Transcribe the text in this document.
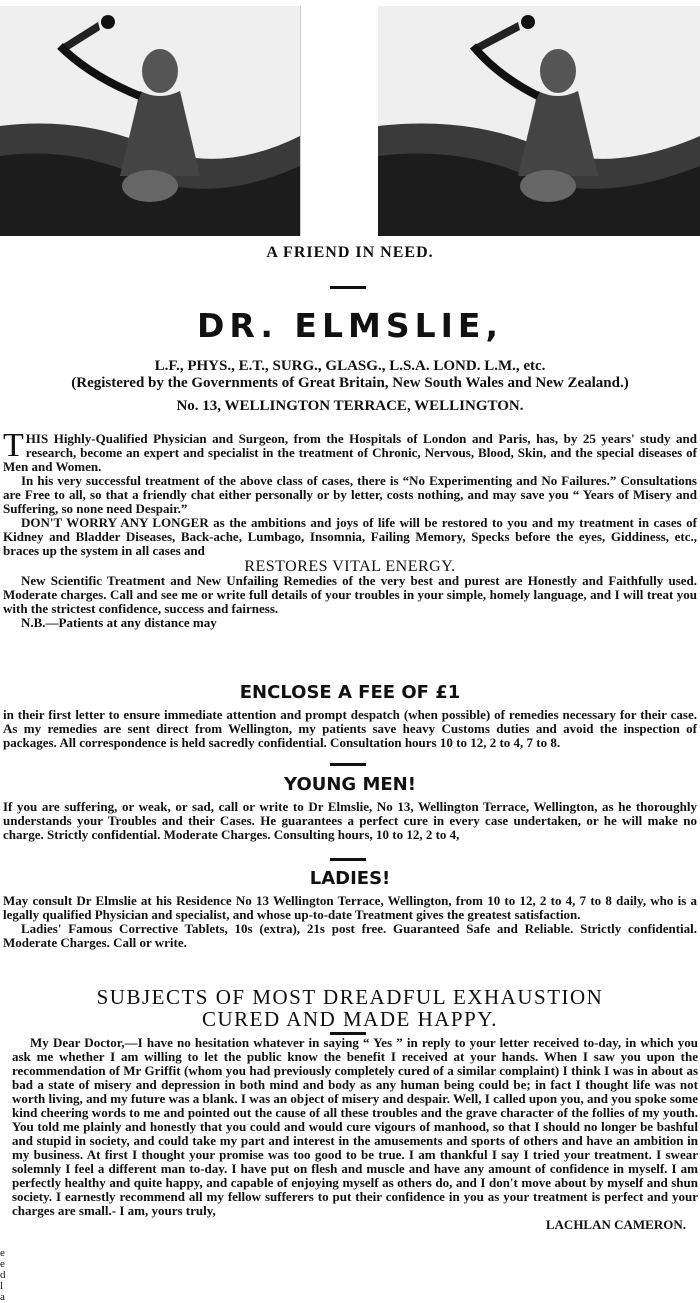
A FRIEND IN NEED.
DR. ELMSLIE,
L.F., PHYS., E.T., SURG., GLASG., L.S.A. LOND. L.M., etc.
(Registered by the Governments of Great Britain, New South Wales and New Zealand.)
No. 13, WELLINGTON TERRACE, WELLINGTON.

THIS Highly-Qualified Physician and Surgeon, from the Hospitals of London and Paris, has, by 25 years' study and research, become an expert and specialist in the treatment of Chronic, Nervous, Blood, Skin, and the special diseases of Men and Women.

In his very successful treatment of the above class of cases, there is “No Experimenting and No Failures.” Consultations are Free to all, so that a friendly chat either personally or by letter, costs nothing, and may save you “ Years of Misery and Suffering, so none need Despair.”

DON'T WORRY ANY LONGER as the ambitions and joys of life will be restored to you and my treatment in cases of Kidney and Bladder Diseases, Back-ache, Lumbago, Insomnia, Failing Memory, Specks before the eyes, Giddiness, etc., braces up the system in all cases and

RESTORES VITAL ENERGY.

New Scientific Treatment and New Unfailing Remedies of the very best and purest are Honestly and Faithfully used. Moderate charges. Call and see me or write full details of your troubles in your simple, homely language, and I will treat you with the strictest confidence, success and fairness.

N.B.—Patients at any distance may

ENCLOSE A FEE OF £1

in their first letter to ensure immediate attention and prompt despatch (when possible) of remedies necessary for their case. As my remedies are sent direct from Wellington, my patients save heavy Customs duties and avoid the inspection of packages. All correspondence is held sacredly confidential. Consultation hours 10 to 12, 2 to 4, 7 to 8.

YOUNG MEN!

If you are suffering, or weak, or sad, call or write to Dr Elmslie, No 13, Wellington Terrace, Wellington, as he thoroughly understands your Troubles and their Cases. He guarantees a perfect cure in every case undertaken, or he will make no charge. Strictly confidential. Moderate Charges. Consulting hours, 10 to 12, 2 to 4,

LADIES!

May consult Dr Elmslie at his Residence No 13 Wellington Terrace, Wellington, from 10 to 12, 2 to 4, 7 to 8 daily, who is a legally qualified Physician and specialist, and whose up-to-date Treatment gives the greatest satisfaction.

Ladies' Famous Corrective Tablets, 10s (extra), 21s post free. Guaranteed Safe and Reliable. Strictly confidential. Moderate Charges. Call or write.

SUBJECTS OF MOST DREADFUL EXHAUSTION
CURED AND MADE HAPPY.

My Dear Doctor,—I have no hesitation whatever in saying “ Yes ” in reply to your letter received to-day, in which you ask me whether I am willing to let the public know the benefit I received at your hands. When I saw you upon the recommendation of Mr Griffit (whom you had previously completely cured of a similar complaint) I think I was in about as bad a state of misery and depression in both mind and body as any human being could be; in fact I thought life was not worth living, and my future was a blank. I was an object of misery and despair. Well, I called upon you, and you spoke some kind cheering words to me and pointed out the cause of all these troubles and the grave character of the follies of my youth. You told me plainly and honestly that you could and would cure vigours of manhood, so that I should no longer be bashful and stupid in society, and could take my part and interest in the amusements and sports of others and have an ambition in my business. At first I thought your promise was too good to be true. I am thankful I say I tried your treatment. I swear solemnly I feel a different man to-day. I have put on flesh and muscle and have any amount of confidence in myself. I am perfectly healthy and quite happy, and capable of enjoying myself as others do, and I don't move about by myself and shun society. I earnestly recommend all my fellow sufferers to put their confidence in you as your treatment is perfect and your charges are small.- I am, yours truly,

LACHLAN CAMERON.

e
e
d
l
a
